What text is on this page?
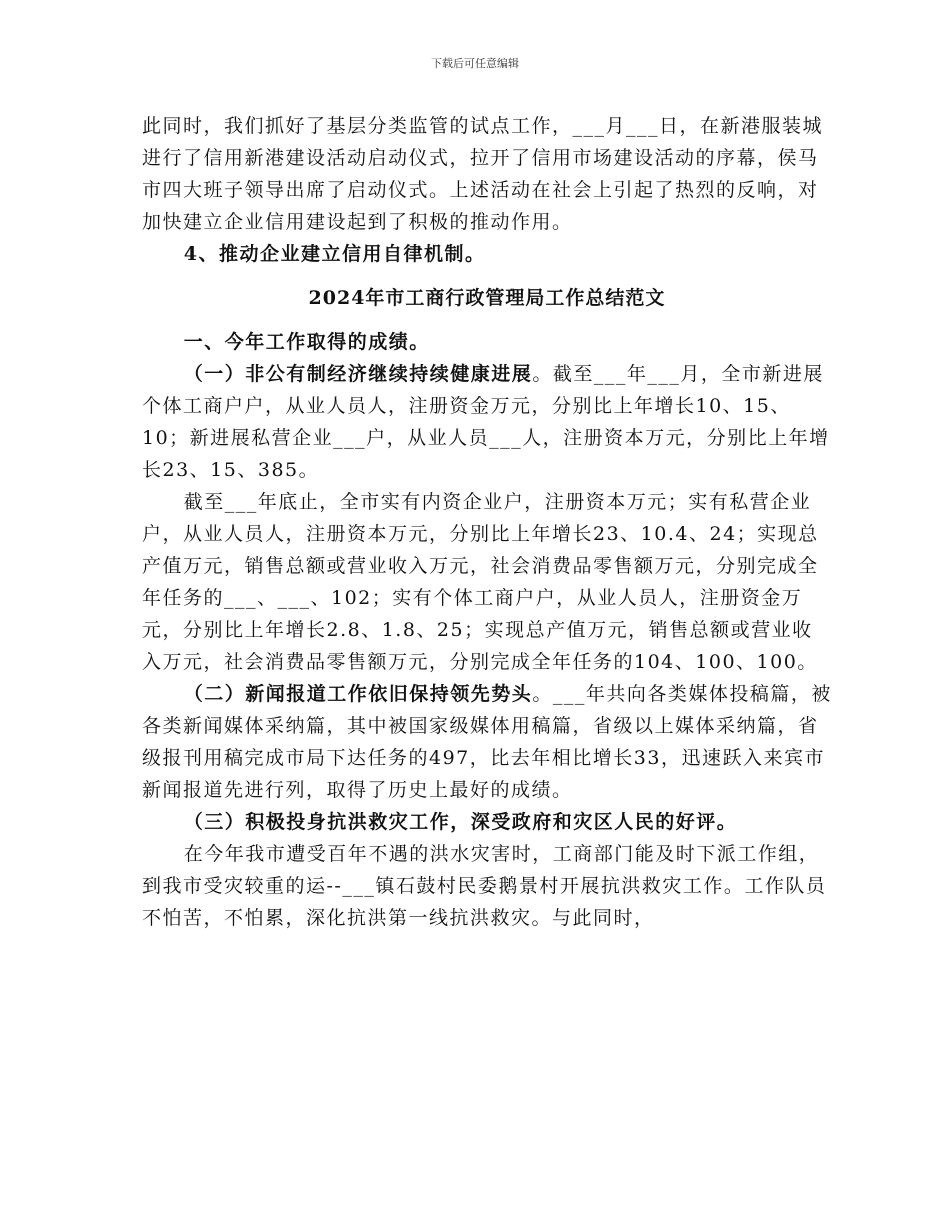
下载后可任意编辑

此同时，我们抓好了基层分类监管的试点工作，___月___日，在新港服装城进行了信用新港建设活动启动仪式，拉开了信用市场建设活动的序幕，侯马市四大班子领导出席了启动仪式。上述活动在社会上引起了热烈的反响，对加快建立企业信用建设起到了积极的推动作用。

4、推动企业建立信用自律机制。

2024年市工商行政管理局工作总结范文

一、今年工作取得的成绩。

（一）非公有制经济继续持续健康进展。截至___年___月，全市新进展个体工商户户，从业人员人，注册资金万元，分别比上年增长10、15、10；新进展私营企业___户，从业人员___人，注册资本万元，分别比上年增长23、15、385。

截至___年底止，全市实有内资企业户，注册资本万元；实有私营企业户，从业人员人，注册资本万元，分别比上年增长23、10.4、24；实现总产值万元，销售总额或营业收入万元，社会消费品零售额万元，分别完成全年任务的___、___、102；实有个体工商户户，从业人员人，注册资金万元，分别比上年增长2.8、1.8、25；实现总产值万元，销售总额或营业收入万元，社会消费品零售额万元，分别完成全年任务的104、100、100。

（二）新闻报道工作依旧保持领先势头。___年共向各类媒体投稿篇，被各类新闻媒体采纳篇，其中被国家级媒体用稿篇，省级以上媒体采纳篇，省级报刊用稿完成市局下达任务的497，比去年相比增长33，迅速跃入来宾市新闻报道先进行列，取得了历史上最好的成绩。

（三）积极投身抗洪救灾工作，深受政府和灾区人民的好评。

在今年我市遭受百年不遇的洪水灾害时，工商部门能及时下派工作组，到我市受灾较重的运--___镇石鼓村民委鹅景村开展抗洪救灾工作。工作队员不怕苦，不怕累，深化抗洪第一线抗洪救灾。与此同时，
